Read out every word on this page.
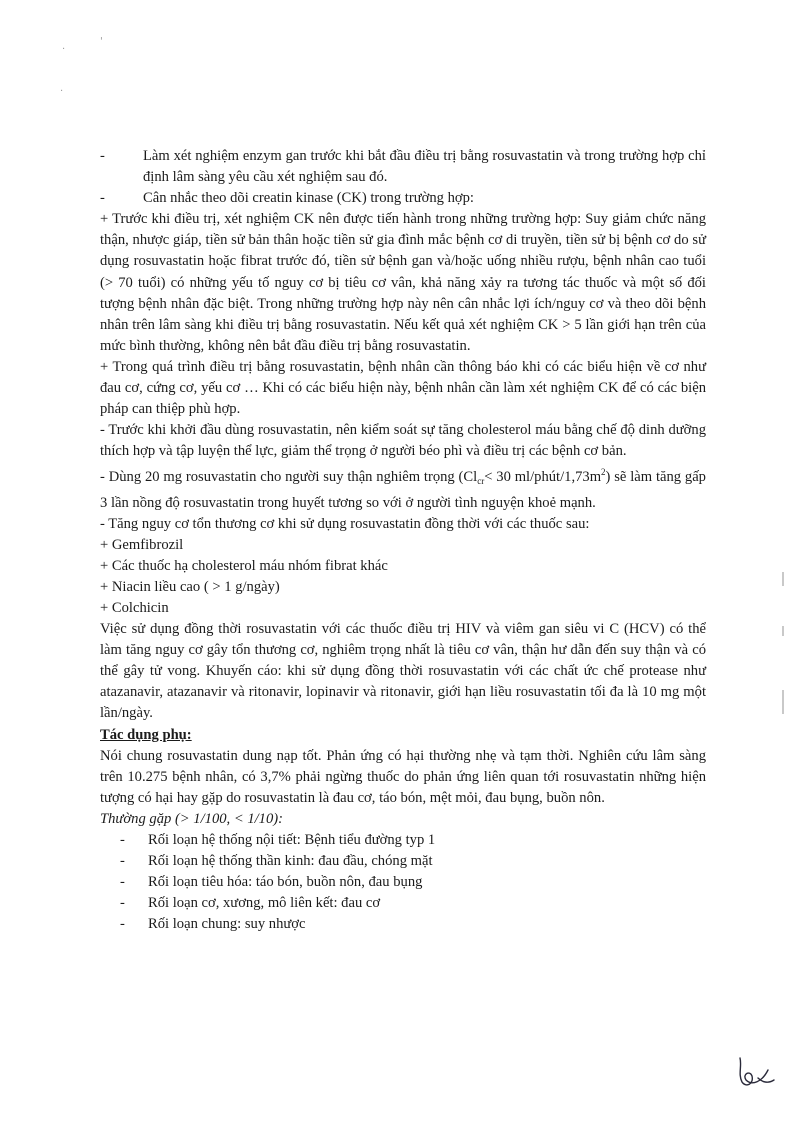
·
'
·
-	Làm xét nghiệm enzym gan trước khi bắt đầu điều trị bằng rosuvastatin và trong trường hợp chỉ định lâm sàng yêu cầu xét nghiệm sau đó.
-	Cân nhắc theo dõi creatin kinase (CK) trong trường hợp:

+ Trước khi điều trị, xét nghiệm CK nên được tiến hành trong những trường hợp: Suy giảm chức năng thận, nhược giáp, tiền sử bản thân hoặc tiền sử gia đình mắc bệnh cơ di truyền, tiền sử bị bệnh cơ do sử dụng rosuvastatin hoặc fibrat trước đó, tiền sử bệnh gan và/hoặc uống nhiều rượu, bệnh nhân cao tuổi (> 70 tuổi) có những yếu tố nguy cơ bị tiêu cơ vân, khả năng xảy ra tương tác thuốc và một số đối tượng bệnh nhân đặc biệt. Trong những trường hợp này nên cân nhắc lợi ích/nguy cơ và theo dõi bệnh nhân trên lâm sàng khi điều trị bằng rosuvastatin. Nếu kết quả xét nghiệm CK > 5 lần giới hạn trên của mức bình thường, không nên bắt đầu điều trị bằng rosuvastatin.

+ Trong quá trình điều trị bằng rosuvastatin, bệnh nhân cần thông báo khi có các biểu hiện về cơ như đau cơ, cứng cơ, yếu cơ … Khi có các biểu hiện này, bệnh nhân cần làm xét nghiệm CK để có các biện pháp can thiệp phù hợp.

- Trước khi khởi đầu dùng rosuvastatin, nên kiểm soát sự tăng cholesterol máu bằng chế độ dinh dưỡng thích hợp và tập luyện thể lực, giảm thể trọng ở người béo phì và điều trị các bệnh cơ bản.

- Dùng 20 mg rosuvastatin cho người suy thận nghiêm trọng ($Cl_{cr}< 30$ $ml/phút/1,73m^2$) sẽ làm tăng gấp 3 lần nồng độ rosuvastatin trong huyết tương so với ở người tình nguyện khoẻ mạnh.

- Tăng nguy cơ tổn thương cơ khi sử dụng rosuvastatin đồng thời với các thuốc sau:

+ Gemfibrozil

+ Các thuốc hạ cholesterol máu nhóm fibrat khác

+ Niacin liều cao ( > 1 g/ngày)

+ Colchicin

Việc sử dụng đồng thời rosuvastatin với các thuốc điều trị HIV và viêm gan siêu vi C (HCV) có thể làm tăng nguy cơ gây tổn thương cơ, nghiêm trọng nhất là tiêu cơ vân, thận hư dẫn đến suy thận và có thể gây tử vong. Khuyến cáo: khi sử dụng đồng thời rosuvastatin với các chất ức chế protease như atazanavir, atazanavir và ritonavir, lopinavir và ritonavir, giới hạn liều rosuvastatin tối đa là 10 mg một lần/ngày.

Tác dụng phụ:

Nói chung rosuvastatin dung nạp tốt. Phản ứng có hại thường nhẹ và tạm thời. Nghiên cứu lâm sàng trên 10.275 bệnh nhân, có 3,7% phải ngừng thuốc do phản ứng liên quan tới rosuvastatin những hiện tượng có hại hay gặp do rosuvastatin là đau cơ, táo bón, mệt mỏi, đau bụng, buồn nôn.

Thường gặp (> 1/100, < 1/10):

-	Rối loạn hệ thống nội tiết: Bệnh tiểu đường typ 1
-	Rối loạn hệ thống thần kinh: đau đầu, chóng mặt
-	Rối loạn tiêu hóa: táo bón, buồn nôn, đau bụng
-	Rối loạn cơ, xương, mô liên kết: đau cơ
-	Rối loạn chung: suy nhược
